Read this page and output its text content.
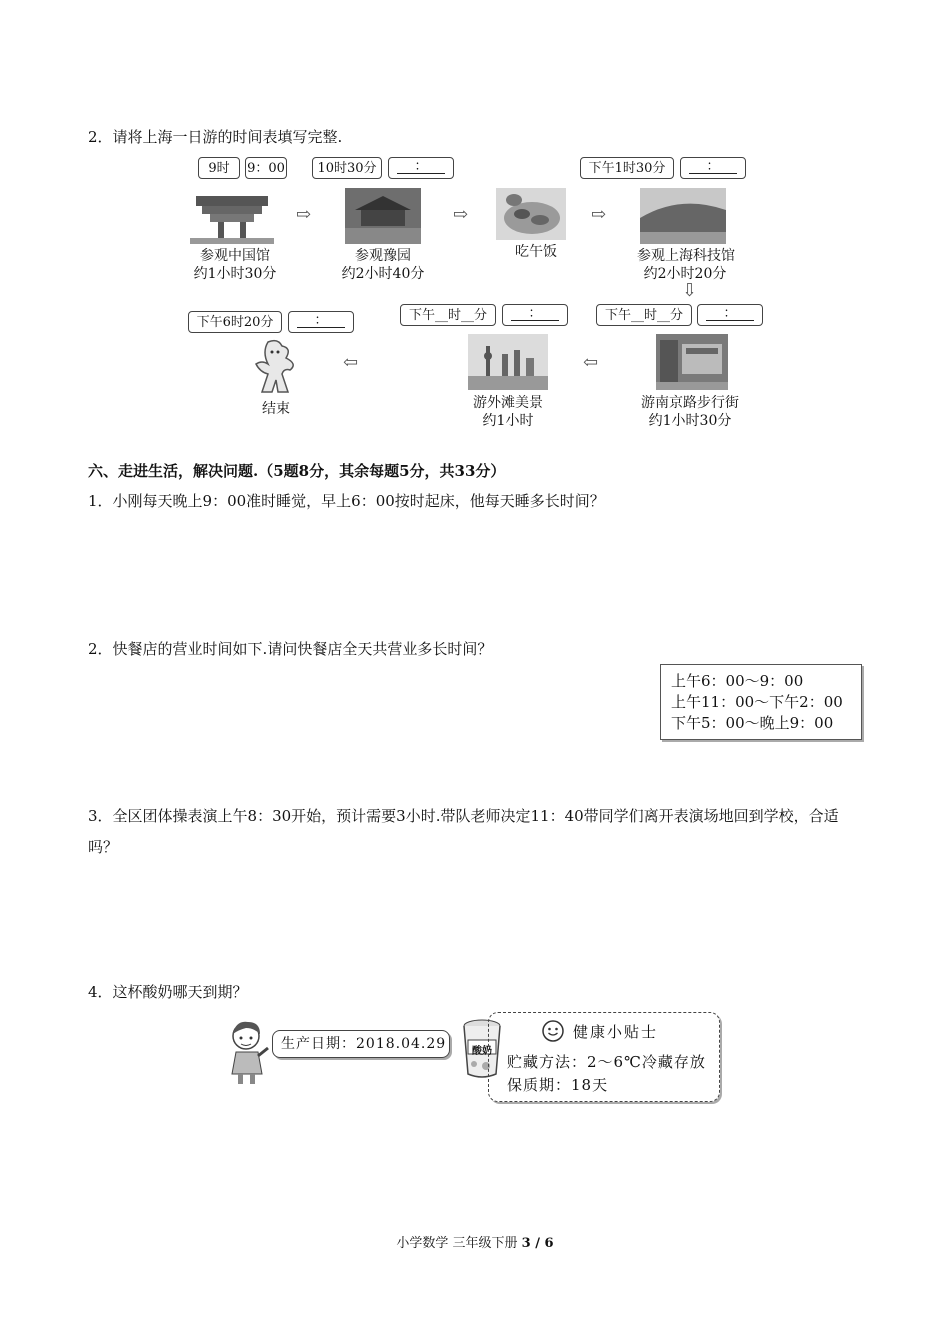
2．请将上海一日游的时间表填写完整.
9时	9：00	10时30分	：	下午1时30分	：
⇨	⇨	⇨
参观中国馆
约1小时30分
参观豫园
约2小时40分
吃午饭	参观上海科技馆
约2小时20分
⇩
下午6时20分	：	下午__时__分	：	下午__时__分	：
⇦
⇦
结束	游外滩美景
约1小时
游南京路步行街
约1小时30分
六、走进生活，解决问题.（5题8分，其余每题5分，共33分）
1．小刚每天晚上9：00准时睡觉，早上6：00按时起床，他每天睡多长时间？
2．快餐店的营业时间如下.请问快餐店全天共营业多长时间？
上午6：00～9：00
上午11：00～下午2：00
下午5：00～晚上9：00
3．全区团体操表演上午8：30开始，预计需要3小时.带队老师决定11：40带同学们离开表演场地回到学校，合适吗？
4．这杯酸奶哪天到期？
生产日期：2018.04.29	酸奶
健康小贴士
贮藏方法：2～6℃冷藏存放
保质期：18天
小学数学 三年级下册 3 / 6
